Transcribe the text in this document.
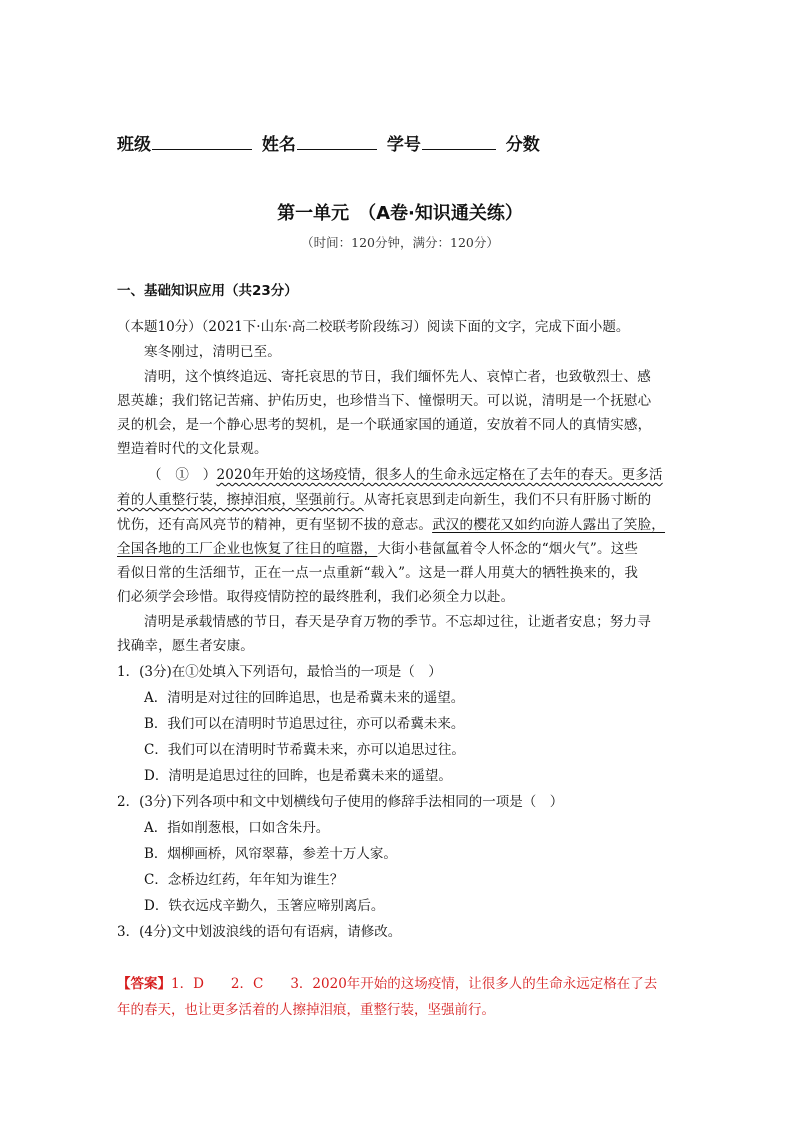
班级	姓名	学号	分数
第一单元　（A卷·知识通关练）
（时间：120分钟，满分：120分）
一、基础知识应用（共23分）
（本题10分）（2021下·山东·高二校联考阶段练习）阅读下面的文字，完成下面小题。
寒冬刚过，清明已至。
清明，这个慎终追远、寄托哀思的节日，我们缅怀先人、哀悼亡者，也致敬烈士、感
恩英雄；我们铭记苦痛、护佑历史，也珍惜当下、憧憬明天。可以说，清明是一个抚慰心
灵的机会，是一个静心思考的契机，是一个联通家国的通道，安放着不同人的真情实感，
塑造着时代的文化景观。
（　①　）2020年开始的这场疫情，很多人的生命永远定格在了去年的春天。更多活
着的人重整行装，擦掉泪痕，坚强前行。从寄托哀思到走向新生，我们不只有肝肠寸断的
忧伤，还有高风亮节的精神，更有坚韧不拔的意志。武汉的樱花又如约向游人露出了笑脸，
全国各地的工厂企业也恢复了往日的喧嚣，大街小巷氤氲着令人怀念的“烟火气”。这些
看似日常的生活细节，正在一点一点重新“载入”。这是一群人用莫大的牺牲换来的，我
们必须学会珍惜。取得疫情防控的最终胜利，我们必须全力以赴。
清明是承载情感的节日，春天是孕育万物的季节。不忘却过往，让逝者安息；努力寻
找确幸，愿生者安康。
1．(3分)在①处填入下列语句，最恰当的一项是（　）
A．清明是对过往的回眸追思，也是希冀未来的遥望。
B．我们可以在清明时节追思过往，亦可以希冀未来。
C．我们可以在清明时节希冀未来，亦可以追思过往。
D．清明是追思过往的回眸，也是希冀未来的遥望。
2．(3分)下列各项中和文中划横线句子使用的修辞手法相同的一项是（　）
A．指如削葱根，口如含朱丹。
B．烟柳画桥，风帘翠幕，参差十万人家。
C．念桥边红药，年年知为谁生？
D．铁衣远戍辛勤久，玉箸应啼别离后。
3．(4分)文中划波浪线的语句有语病，请修改。
【答案】1．D　　2．C　　3．2020年开始的这场疫情，让很多人的生命永远定格在了去
年的春天，也让更多活着的人擦掉泪痕，重整行装，坚强前行。
